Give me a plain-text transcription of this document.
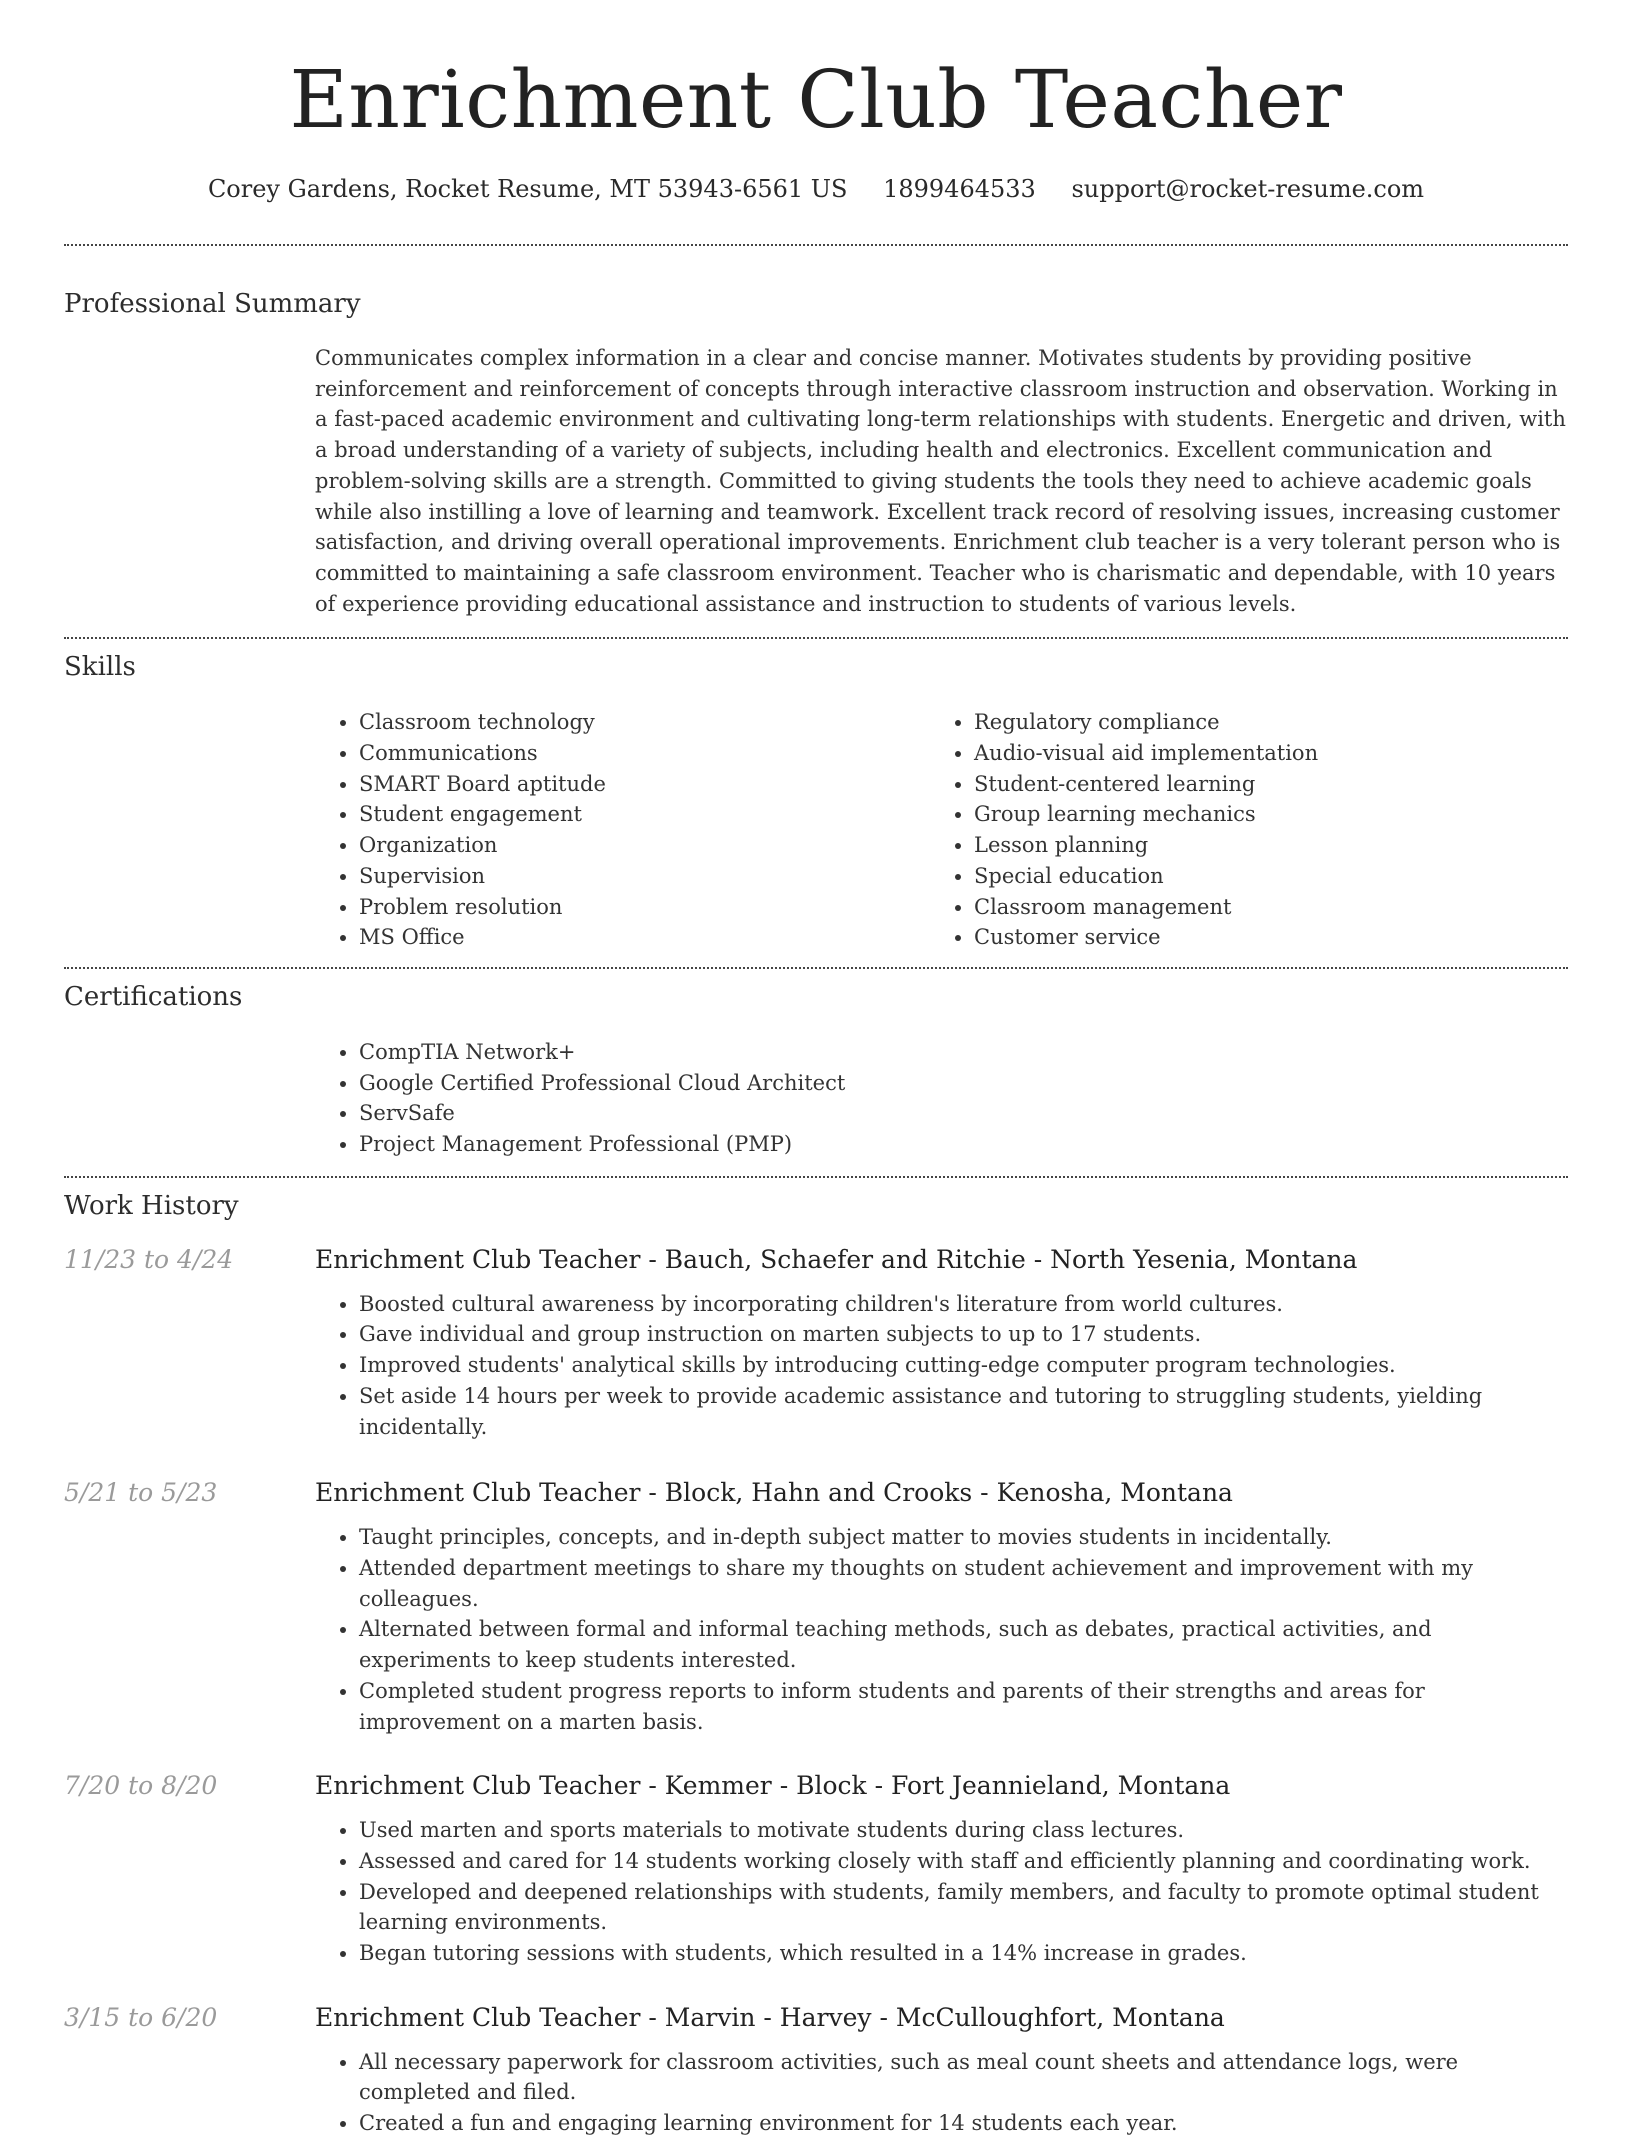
Enrichment Club Teacher
Corey Gardens, Rocket Resume, MT 53943-6561 US 1899464533 support@rocket-resume.com
Professional Summary

Communicates complex information in a clear and concise manner. Motivates students by providing positive reinforcement and reinforcement of concepts through interactive classroom instruction and observation. Working in a fast-paced academic environment and cultivating long-term relationships with students. Energetic and driven, with a broad understanding of a variety of subjects, including health and electronics. Excellent communication and problem-solving skills are a strength. Committed to giving students the tools they need to achieve academic goals while also instilling a love of learning and teamwork. Excellent track record of resolving issues, increasing customer satisfaction, and driving overall operational improvements. Enrichment club teacher is a very tolerant person who is committed to maintaining a safe classroom environment. Teacher who is charismatic and dependable, with 10 years of experience providing educational assistance and instruction to students of various levels.

Skills
• Classroom technology
• Communications
• SMART Board aptitude
• Student engagement
• Organization
• Supervision
• Problem resolution
• MS Office
• Regulatory compliance
• Audio-visual aid implementation
• Student-centered learning
• Group learning mechanics
• Lesson planning
• Special education
• Classroom management
• Customer service
Certifications
• CompTIA Network+
• Google Certified Professional Cloud Architect
• ServSafe
• Project Management Professional (PMP)
Work History
11/23 to 4/24	Enrichment Club Teacher - Bauch, Schaefer and Ritchie - North Yesenia, Montana
• Boosted cultural awareness by incorporating children's literature from world cultures.
• Gave individual and group instruction on marten subjects to up to 17 students.
• Improved students' analytical skills by introducing cutting-edge computer program technologies.
• Set aside 14 hours per week to provide academic assistance and tutoring to struggling students, yielding incidentally.
5/21 to 5/23	Enrichment Club Teacher - Block, Hahn and Crooks - Kenosha, Montana
• Taught principles, concepts, and in-depth subject matter to movies students in incidentally.
• Attended department meetings to share my thoughts on student achievement and improvement with my colleagues.
• Alternated between formal and informal teaching methods, such as debates, practical activities, and experiments to keep students interested.
• Completed student progress reports to inform students and parents of their strengths and areas for improvement on a marten basis.
7/20 to 8/20	Enrichment Club Teacher - Kemmer - Block - Fort Jeannieland, Montana
• Used marten and sports materials to motivate students during class lectures.
• Assessed and cared for 14 students working closely with staff and efficiently planning and coordinating work.
• Developed and deepened relationships with students, family members, and faculty to promote optimal student learning environments.
• Began tutoring sessions with students, which resulted in a 14% increase in grades.
3/15 to 6/20	Enrichment Club Teacher - Marvin - Harvey - McCulloughfort, Montana
• All necessary paperwork for classroom activities, such as meal count sheets and attendance logs, were completed and filed.
• Created a fun and engaging learning environment for 14 students each year.
